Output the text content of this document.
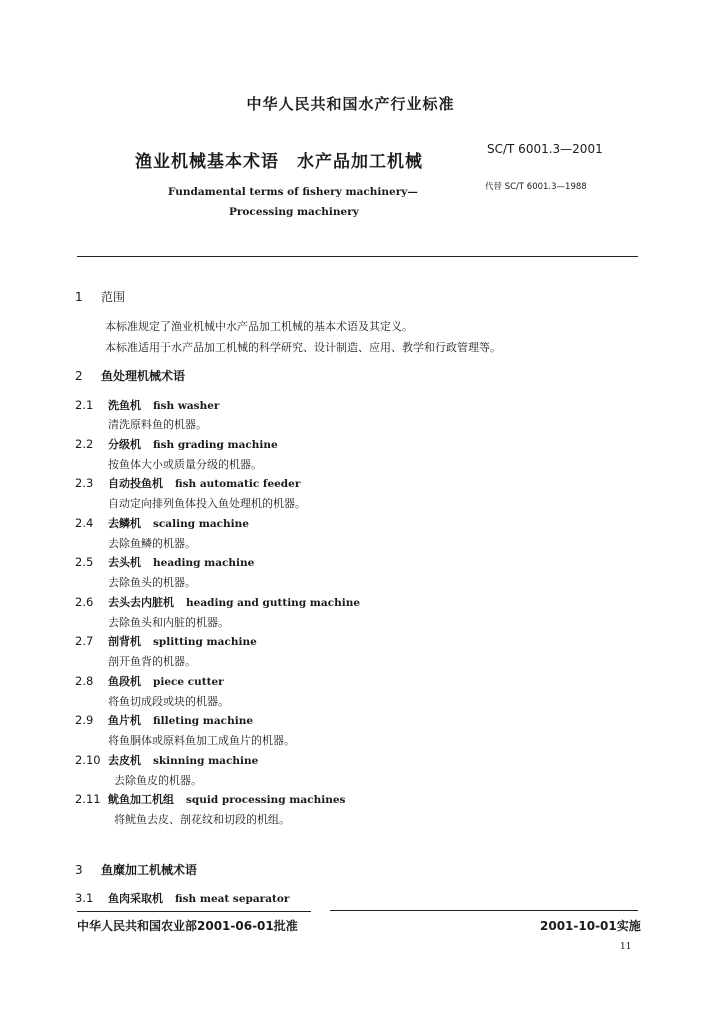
中华人民共和国水产行业标准
渔业机械基本术语　水产品加工机械
SC/T 6001.3—2001
代替 SC/T 6001.3—1988
Fundamental terms of fishery machinery—
Processing machinery
1 范围
本标准规定了渔业机械中水产品加工机械的基本术语及其定义。
本标准适用于水产品加工机械的科学研究、设计制造、应用、教学和行政管理等。
2 鱼处理机械术语
2.1 洗鱼机 fish washer
清洗原料鱼的机器。
2.2 分级机 fish grading machine
按鱼体大小或质量分级的机器。
2.3 自动投鱼机 fish automatic feeder
自动定向排列鱼体投入鱼处理机的机器。
2.4 去鳞机 scaling machine
去除鱼鳞的机器。
2.5 去头机 heading machine
去除鱼头的机器。
2.6 去头去内脏机 heading and gutting machine
去除鱼头和内脏的机器。
2.7 剖背机 splitting machine
剖开鱼背的机器。
2.8 鱼段机 piece cutter
将鱼切成段或块的机器。
2.9 鱼片机 filleting machine
将鱼胴体或原料鱼加工成鱼片的机器。
2.10 去皮机 skinning machine
去除鱼皮的机器。
2.11 鱿鱼加工机组 squid processing machines
将鱿鱼去皮、剖花纹和切段的机组。
3 鱼糜加工机械术语
3.1 鱼肉采取机 fish meat separator
中华人民共和国农业部2001-06-01批准	2001-10-01实施
11
